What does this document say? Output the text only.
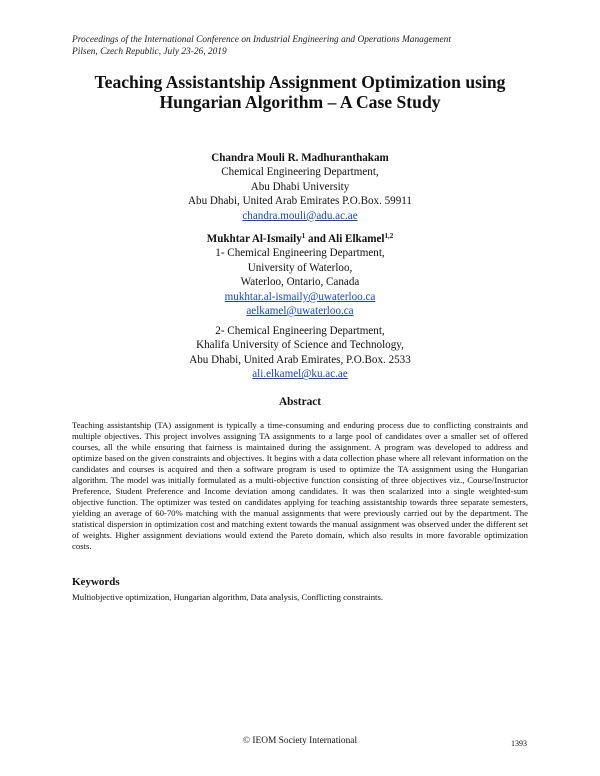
Proceedings of the International Conference on Industrial Engineering and Operations Management
Pilsen, Czech Republic, July 23-26, 2019
Teaching Assistantship Assignment Optimization using
Hungarian Algorithm – A Case Study
Chandra Mouli R. Madhuranthakam
Chemical Engineering Department,
Abu Dhabi University
Abu Dhabi, United Arab Emirates P.O.Box. 59911
chandra.mouli@adu.ac.ae
Mukhtar Al-Ismaily$^1$ and Ali Elkamel$^{1,2}$
1- Chemical Engineering Department,
University of Waterloo,
Waterloo, Ontario, Canada
mukhtar.al-ismaily@uwaterloo.ca
aelkamel@uwaterloo.ca
2- Chemical Engineering Department,
Khalifa University of Science and Technology,
Abu Dhabi, United Arab Emirates, P.O.Box. 2533
ali.elkamel@ku.ac.ae
Abstract
Teaching assistantship (TA) assignment is typically a time-consuming and enduring process due to conflicting constraints and multiple objectives. This project involves assigning TA assignments to a large pool of candidates over a smaller set of offered courses, all the while ensuring that fairness is maintained during the assignment. A program was developed to address and optimize based on the given constraints and objectives. It begins with a data collection phase where all relevant information on the candidates and courses is acquired and then a software program is used to optimize the TA assignment using the Hungarian algorithm. The model was initially formulated as a multi-objective function consisting of three objectives viz., Course/Instructor Preference, Student Preference and Income deviation among candidates. It was then scalarized into a single weighted-sum objective function. The optimizer was tested on candidates applying for teaching assistantship towards three separate semesters, yielding an average of 60-70% matching with the manual assignments that were previously carried out by the department. The statistical dispersion in optimization cost and matching extent towards the manual assignment was observed under the different set of weights. Higher assignment deviations would extend the Pareto domain, which also results in more favorable optimization costs.
Keywords
Multiobjective optimization, Hungarian algorithm, Data analysis, Conflicting constraints.
© IEOM Society International	1393
